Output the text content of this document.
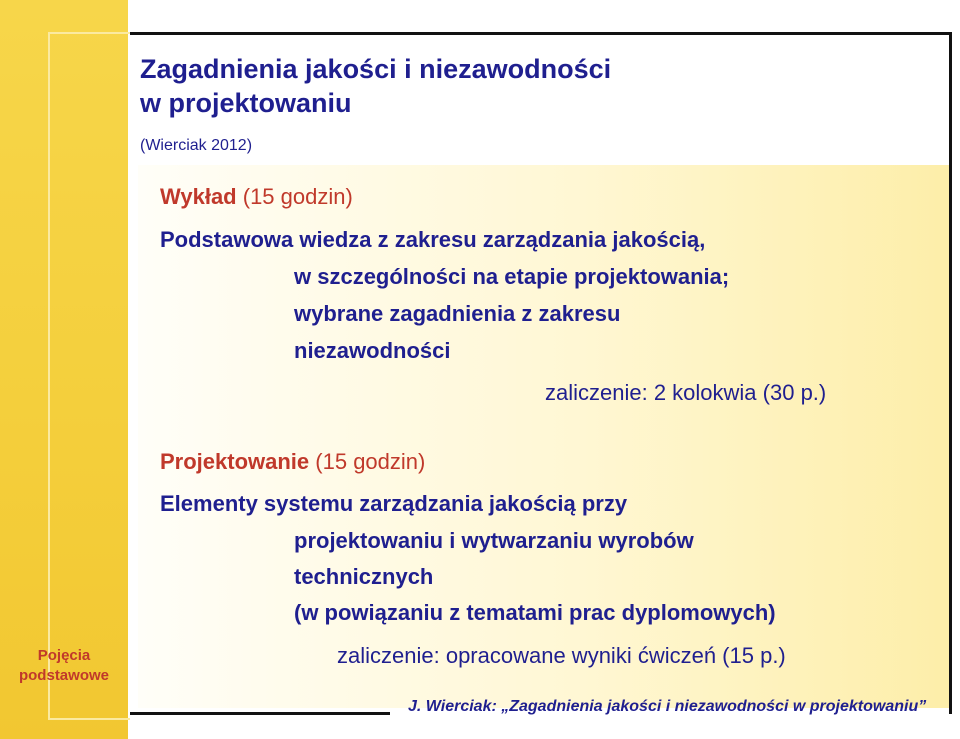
Pojęcia
podstawowe
Zagadnienia jakości i niezawodności
w projektowaniu
(Wierciak 2012)
Wykład (15 godzin)
Podstawowa wiedza z zakresu zarządzania jakością,
w szczególności na etapie projektowania;
wybrane zagadnienia z zakresu
niezawodności
zaliczenie: 2 kolokwia (30 p.)
Projektowanie (15 godzin)
Elementy systemu zarządzania jakością przy
projektowaniu i wytwarzaniu wyrobów
technicznych
(w powiązaniu z tematami prac dyplomowych)
zaliczenie: opracowane wyniki ćwiczeń (15 p.)
J. Wierciak: „Zagadnienia jakości i niezawodności w projektowaniu”
